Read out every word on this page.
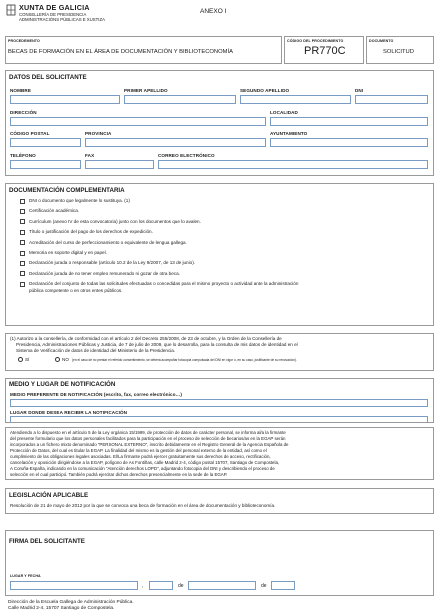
XUNTA DE GALICIA
CONSELLERÍA DE PRESIDENCIA
ADMINISTRACIÓNS PÚBLICAS E XUSTIZA
ANEXO I
PROCEDEMENTO
BECAS DE FORMACIÓN EN EL ÁREA DE DOCUMENTACIÓN Y BIBLIOTECONOMÍA
CÓDIGO DEL PROCEDIMIENTO
PR770C
DOCUMENTO
SOLICITUD
DATOS DEL SOLICITANTE
NOMBRE	PRIMER APELLIDO	SEGUNDO APELLIDO	DNI
DIRECCIÓN	LOCALIDAD
CÓDIGO POSTAL	PROVINCIA	AYUNTAMIENTO
TELÉFONO	FAX	CORREO ELECTRÓNICO
DOCUMENTACIÓN COMPLEMENTARIA
DNI o documento que legalmente lo sustituya. (1)
Certificación académica.
Currículum (anexo IV de esta convocatoria) junto con los documentos que lo avalen.
Título o justificación del pago de los derechos de expedición.
Acreditación del curso de perfeccionamiento o equivalente de lengua gallega.
Memoria en soporte digital y en papel.
Declaración jurada o responsable (artículo 10.2 de la Ley 9/2007, de 13 de junio).
Declaración jurada de no tener empleo remunerado ni gozar de otra beca.
Declaración del conjunto de todas las solicitudes efectuadas o concedidas para el mismo proyecto o actividad ante la administración
pública competente o en otros entes públicos.
(1) Autorizo a la consellería, de conformidad con el artículo 2 del Decreto 255/2008, de 23 de octubre, y la Orden de la Consellería de
Presidencia, Administraciones Públicas y Justicia, de 7 de julio de 2009, que lo desarrolla, para la consulta de mis datos de identidad en el
Sistema de Verificación de datos de identidad del Ministerio de la Presidencia.
SÍ	NO (en el caso de no prestar el referido consentimiento, se deberá acompañar fotocopia compulsada del DNI en vigor o, en su caso, justificante de su renovación).
MEDIO Y LUGAR DE NOTIFICACIÓN
MEDIO PREFERENTE DE NOTIFICACIÓN (escrito, fax, correo electrónico…)
LUGAR DONDE DESEA RECIBIR LA NOTIFICACIÓN
Atendiendo a lo dispuesto en el artículo 5 de la Ley orgánica 15/1999, de protección de datos de carácter personal, se informa al/a la firmante
del presente formulario que los datos personales facilitados para la participación en el proceso de selección de becarios/as en la EGAP serán
incorporados a un fichero mixto denominado "PERSONAL EXTERNO", inscrito debidamente en el Registro General de la Agencia Española de
Protección de Datos, del cual es titular la EGAP. La finalidad del mismo es la gestión del personal externo de la entidad, así como el
cumplimiento de las obligaciones legales asociadas. El/La firmante podrá ejercer gratuitamente sus derechos de acceso, rectificación,
cancelación y oposición dirigiéndose a la EGAP, polígono de As Fontiñas, calle Madrid 2-4, código postal 15707, Santiago de Compostela,
A Coruña-España, indicando en la comunicación "Atención derechos LOPD", adjuntando fotocopia del DNI y describiendo el proceso de
selección en el cual participó. También podrá ejercitar dichos derechos presencialmente en la sede de la EGAP.
LEGISLACIÓN APLICABLE
Resolución de 21 de mayo de 2012 por la que se convoca una beca de formación en el área de documentación y biblioteconomía.
FIRMA DEL SOLICITANTE
LUGAR Y FECHA
,	de	de
Dirección de la Escuela Gallega de Administración Pública.
Calle Madrid 2-4, 15707 Santiago de Compostela.
